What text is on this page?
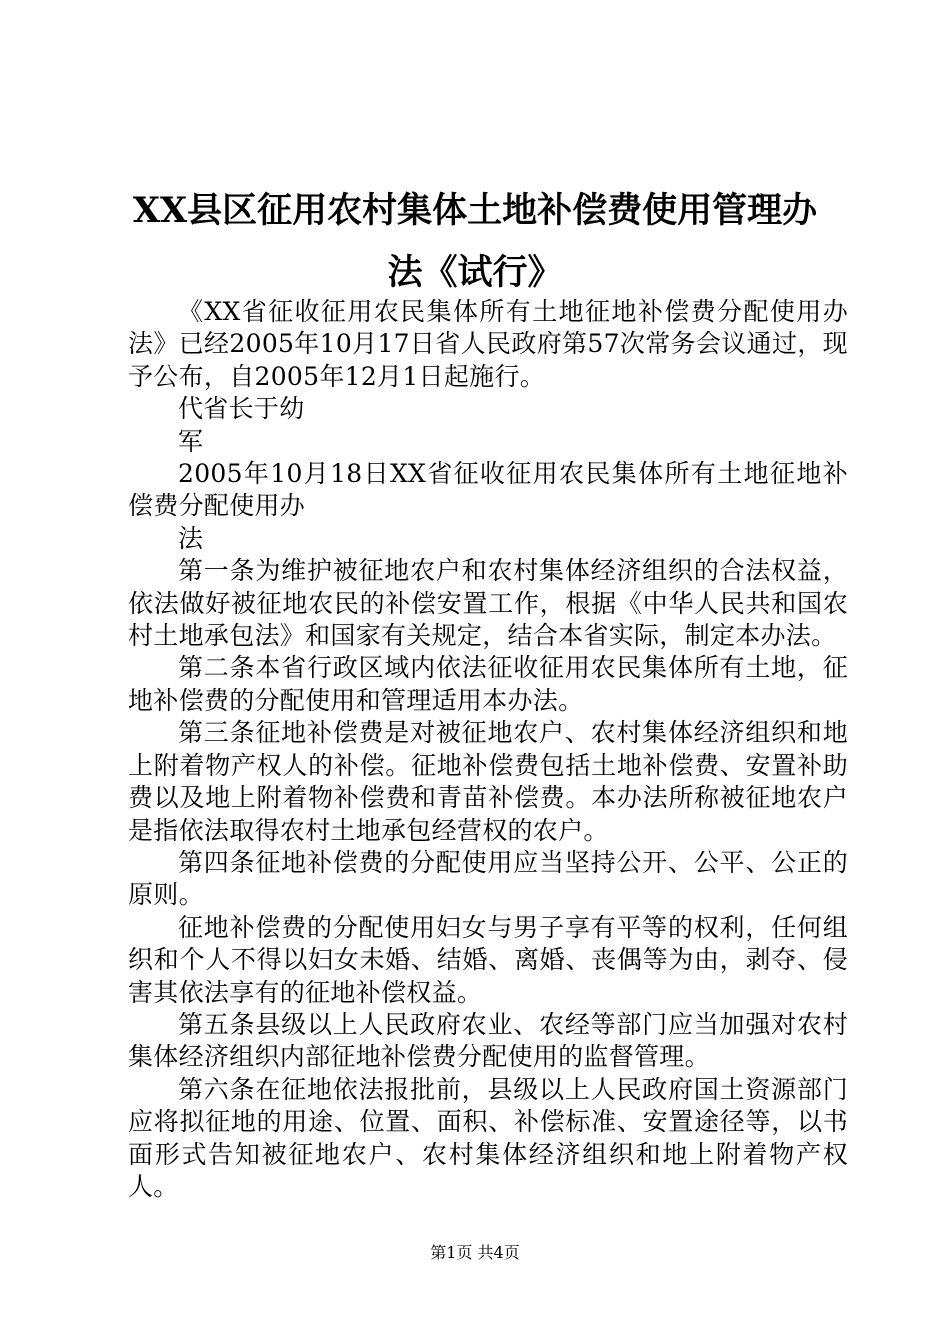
XX县区征用农村集体土地补偿费使用管理办
法《试行》

《XX省征收征用农民集体所有土地征地补偿费分配使用办法》已经2005年10月17日省人民政府第57次常务会议通过，现予公布，自2005年12月1日起施行。

代省长于幼

军

2005年10月18日XX省征收征用农民集体所有土地征地补偿费分配使用办

法

第一条为维护被征地农户和农村集体经济组织的合法权益，依法做好被征地农民的补偿安置工作，根据《中华人民共和国农村土地承包法》和国家有关规定，结合本省实际，制定本办法。

第二条本省行政区域内依法征收征用农民集体所有土地，征地补偿费的分配使用和管理适用本办法。

第三条征地补偿费是对被征地农户、农村集体经济组织和地上附着物产权人的补偿。征地补偿费包括土地补偿费、安置补助费以及地上附着物补偿费和青苗补偿费。本办法所称被征地农户是指依法取得农村土地承包经营权的农户。

第四条征地补偿费的分配使用应当坚持公开、公平、公正的原则。

征地补偿费的分配使用妇女与男子享有平等的权利，任何组织和个人不得以妇女未婚、结婚、离婚、丧偶等为由，剥夺、侵害其依法享有的征地补偿权益。

第五条县级以上人民政府农业、农经等部门应当加强对农村集体经济组织内部征地补偿费分配使用的监督管理。

第六条在征地依法报批前，县级以上人民政府国土资源部门应将拟征地的用途、位置、面积、补偿标准、安置途径等，以书面形式告知被征地农户、农村集体经济组织和地上附着物产权人。

第1页 共4页
